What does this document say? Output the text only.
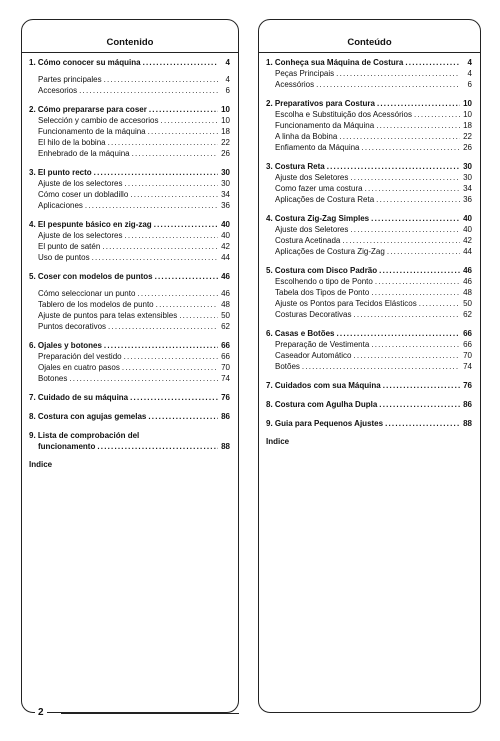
Contenido
1. Cómo conocer su máquina .....	4
Partes principales .....	4
Accesorios .....	6
2. Cómo prepararse para coser .....	10
Selección y cambio de accesorios .....	10
Funcionamento de la máquina .....	18
El hilo de la bobina .....	22
Enhebrado de la máquina .....	26
3. El punto recto .....	30
Ajuste de los selectores .....	30
Cómo coser un dobladillo .....	34
Aplicaciones .....	36
4. El pespunte básico en zig-zag .....	40
Ajuste de los selectores .....	40
El punto de satén .....	42
Uso de puntos .....	44
5. Coser con modelos de puntos .....	46
Cómo seleccionar un punto .....	46
Tablero de los modelos de punto .....	48
Ajuste de puntos para telas extensibles .....	50
Puntos decorativos .....	62
6. Ojales y botones .....	66
Preparación del vestido .....	66
Ojales en cuatro pasos .....	70
Botones .....	74
7. Cuidado de su máquina .....	76
8. Costura con agujas gemelas .....	86
9. Lista de comprobación del
funcionamento .....	88
Indice
Conteúdo
1. Conheça sua Máquina de Costura .....	4
Peças Principais .....	4
Acessórios .....	6
2. Preparativos para Costura .....	10
Escolha e Substituição dos Acessórios .....	10
Funcionamento da Máquina .....	18
A linha da Bobina .....	22
Enfiamento da Máquina .....	26
3. Costura Reta .....	30
Ajuste dos Seletores .....	30
Como fazer uma costura .....	34
Aplicações de Costura Reta .....	36
4. Costura Zig-Zag Simples .....	40
Ajuste dos Seletores .....	40
Costura Acetinada .....	42
Aplicações de Costura Zig-Zag .....	44
5. Costura com Disco Padrão .....	46
Escolhendo o tipo de Ponto .....	46
Tabela dos Tipos de Ponto .....	48
Ajuste os Pontos para Tecidos Elásticos .....	50
Costuras Decorativas .....	62
6. Casas e Botões .....	66
Preparação de Vestimenta .....	66
Caseador Automático .....	70
Botões .....	74
7. Cuidados com sua Máquina .....	76
8. Costura com Agulha Dupla .....	86
9. Guia para Pequenos Ajustes .....	88
Indice
2
